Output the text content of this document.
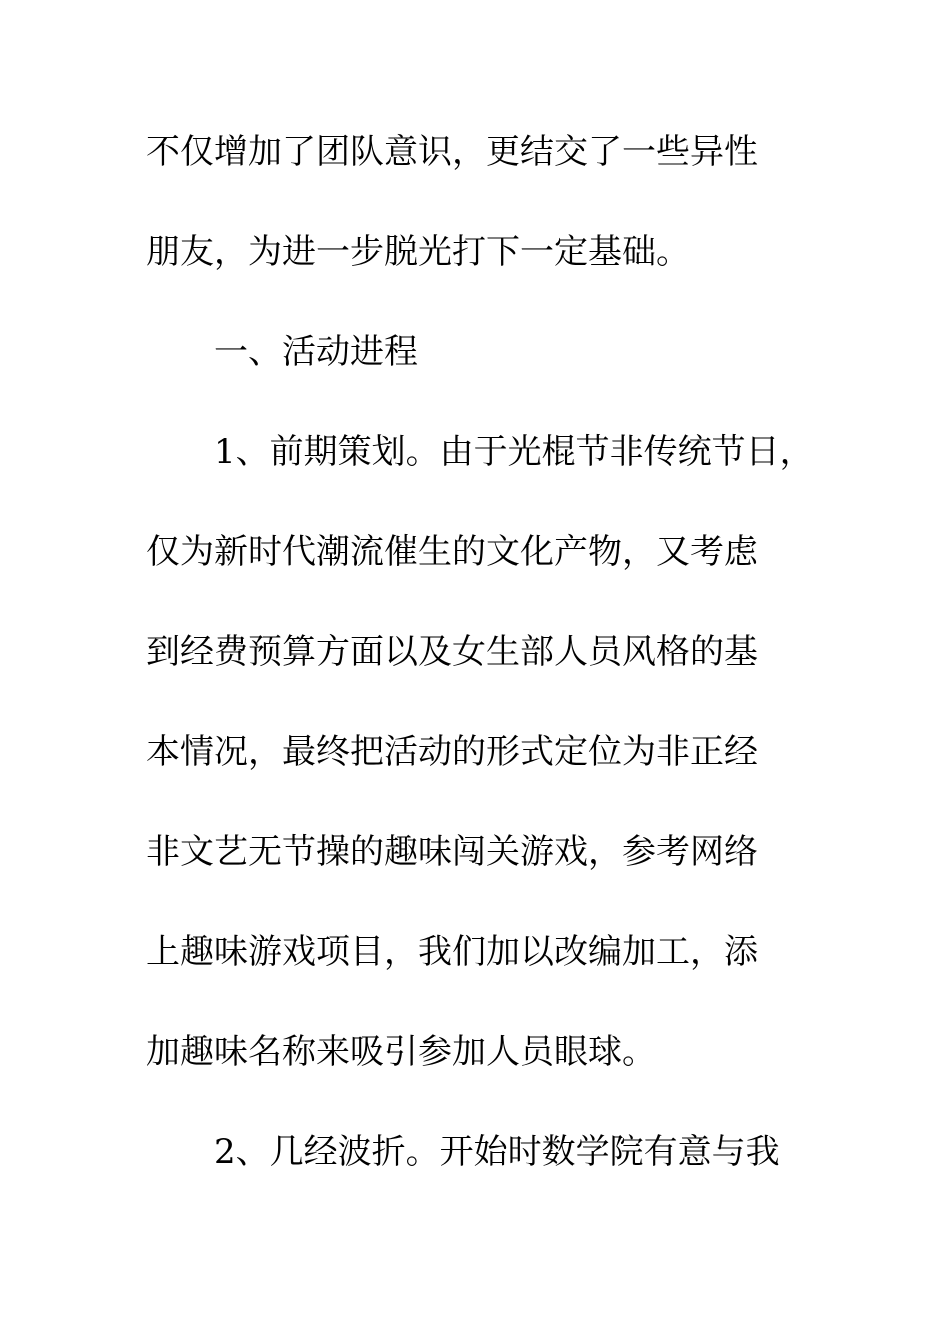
不仅增加了团队意识，更结交了一些异性
朋友，为进一步脱光打下一定基础。
一、活动进程
1、前期策划。由于光棍节非传统节日，
仅为新时代潮流催生的文化产物，又考虑
到经费预算方面以及女生部人员风格的基
本情况，最终把活动的形式定位为非正经
非文艺无节操的趣味闯关游戏，参考网络
上趣味游戏项目，我们加以改编加工，添
加趣味名称来吸引参加人员眼球。
2、几经波折。开始时数学院有意与我
